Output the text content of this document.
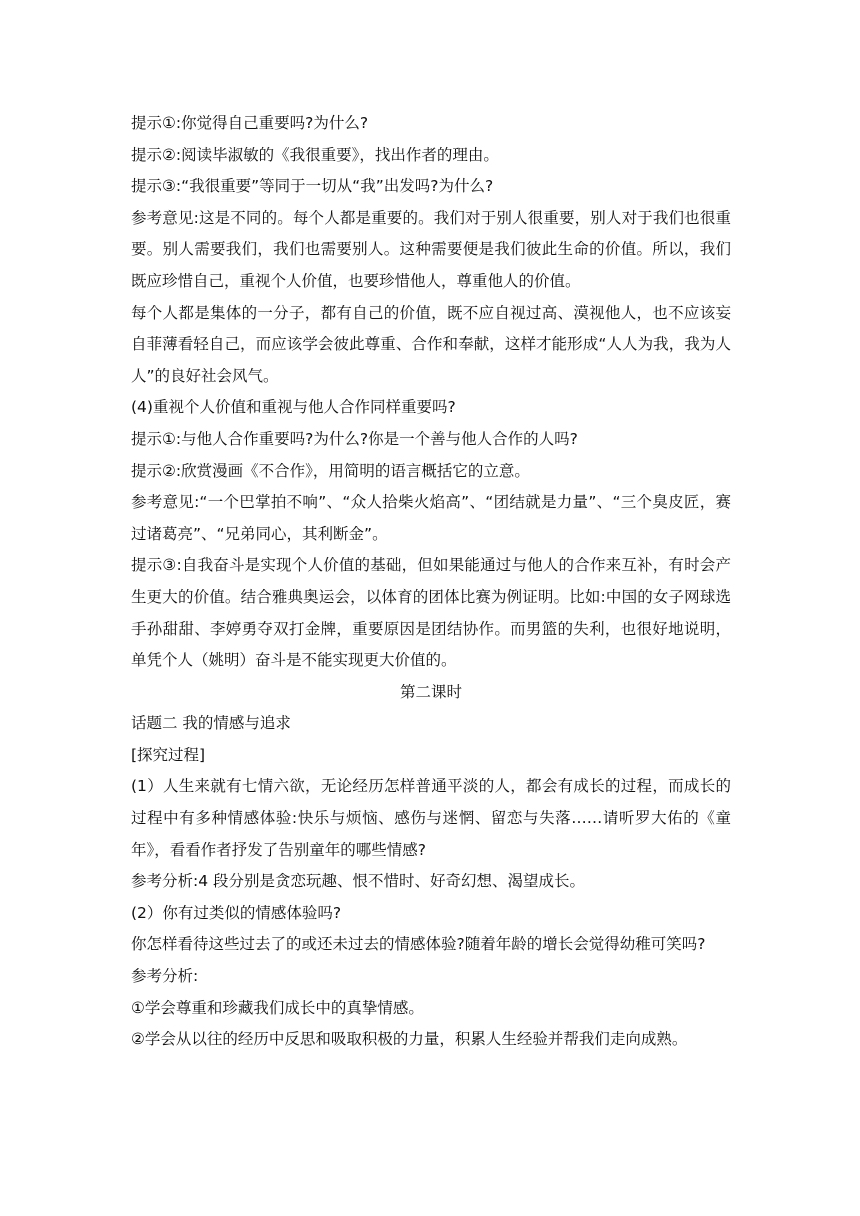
提示①:你觉得自己重要吗?为什么?

提示②:阅读毕淑敏的《我很重要》，找出作者的理由。

提示③:“我很重要”等同于一切从“我”出发吗?为什么?

参考意见:这是不同的。每个人都是重要的。我们对于别人很重要，别人对于我们也很重要。别人需要我们，我们也需要别人。这种需要便是我们彼此生命的价值。所以，我们既应珍惜自己，重视个人价值，也要珍惜他人，尊重他人的价值。

每个人都是集体的一分子，都有自己的价值，既不应自视过高、漠视他人，也不应该妄自菲薄看轻自己，而应该学会彼此尊重、合作和奉献，这样才能形成“人人为我，我为人人”的良好社会风气。

(4)重视个人价值和重视与他人合作同样重要吗?

提示①:与他人合作重要吗?为什么?你是一个善与他人合作的人吗?

提示②:欣赏漫画《不合作》，用简明的语言概括它的立意。

参考意见:“一个巴掌拍不响”、“众人拾柴火焰高”、“团结就是力量”、“三个臭皮匠，赛过诸葛亮”、“兄弟同心，其利断金”。

提示③:自我奋斗是实现个人价值的基础，但如果能通过与他人的合作来互补，有时会产生更大的价值。结合雅典奥运会，以体育的团体比赛为例证明。比如:中国的女子网球选手孙甜甜、李婷勇夺双打金牌，重要原因是团结协作。而男篮的失利，也很好地说明，单凭个人（姚明）奋斗是不能实现更大价值的。

第二课时

话题二 我的情感与追求

[探究过程]

(1）人生来就有七情六欲，无论经历怎样普通平淡的人，都会有成长的过程，而成长的过程中有多种情感体验:快乐与烦恼、感伤与迷惘、留恋与失落……请听罗大佑的《童年》，看看作者抒发了告别童年的哪些情感?

参考分析:4 段分别是贪恋玩趣、恨不惜时、好奇幻想、渴望成长。

(2）你有过类似的情感体验吗?

你怎样看待这些过去了的或还未过去的情感体验?随着年龄的增长会觉得幼稚可笑吗?

参考分析:

①学会尊重和珍藏我们成长中的真挚情感。

②学会从以往的经历中反思和吸取积极的力量，积累人生经验并帮我们走向成熟。
